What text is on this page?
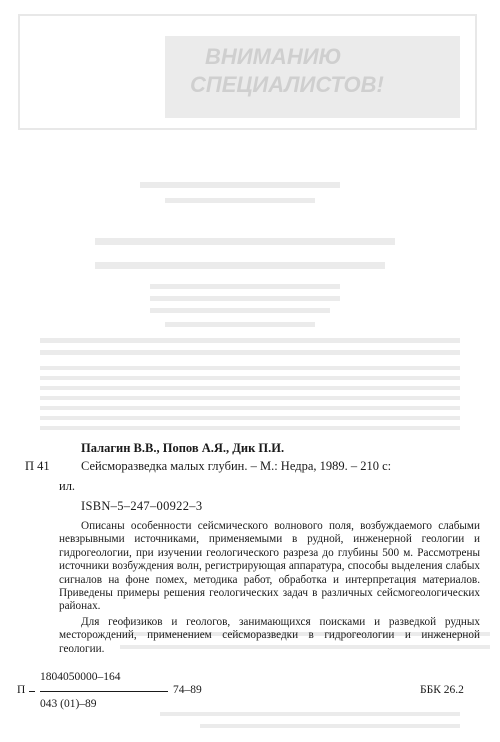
ВНИМАНИЮ
СПЕЦИАЛИСТОВ!
Палагин В.В., Попов А.Я., Дик П.И.
П 41	Сейсморазведка малых глубин. – М.: Недра, 1989. – 210 с:
ил.
ISBN–5–247–00922–3

Описаны особенности сейсмического волнового поля, возбуждаемого слабыми невзрывными источниками, применяемыми в рудной, инженерной геологии и гидрогеологии, при изучении геологического разреза до глубины 500 м. Рассмотрены источники возбуждения волн, регистрирующая аппаратура, способы выделения слабых сигналов на фоне помех, методика работ, обработка и интерпретация материалов. Приведены примеры решения геологических задач в различных сейсмогеологических районах.

Для геофизиков и геологов, занимающихся поисками и разведкой рудных месторождений, применением сейсморазведки в гидрогеологии и инженерной геологии.

1804050000–164
П	74–89
043 (01)–89
ББК 26.2
